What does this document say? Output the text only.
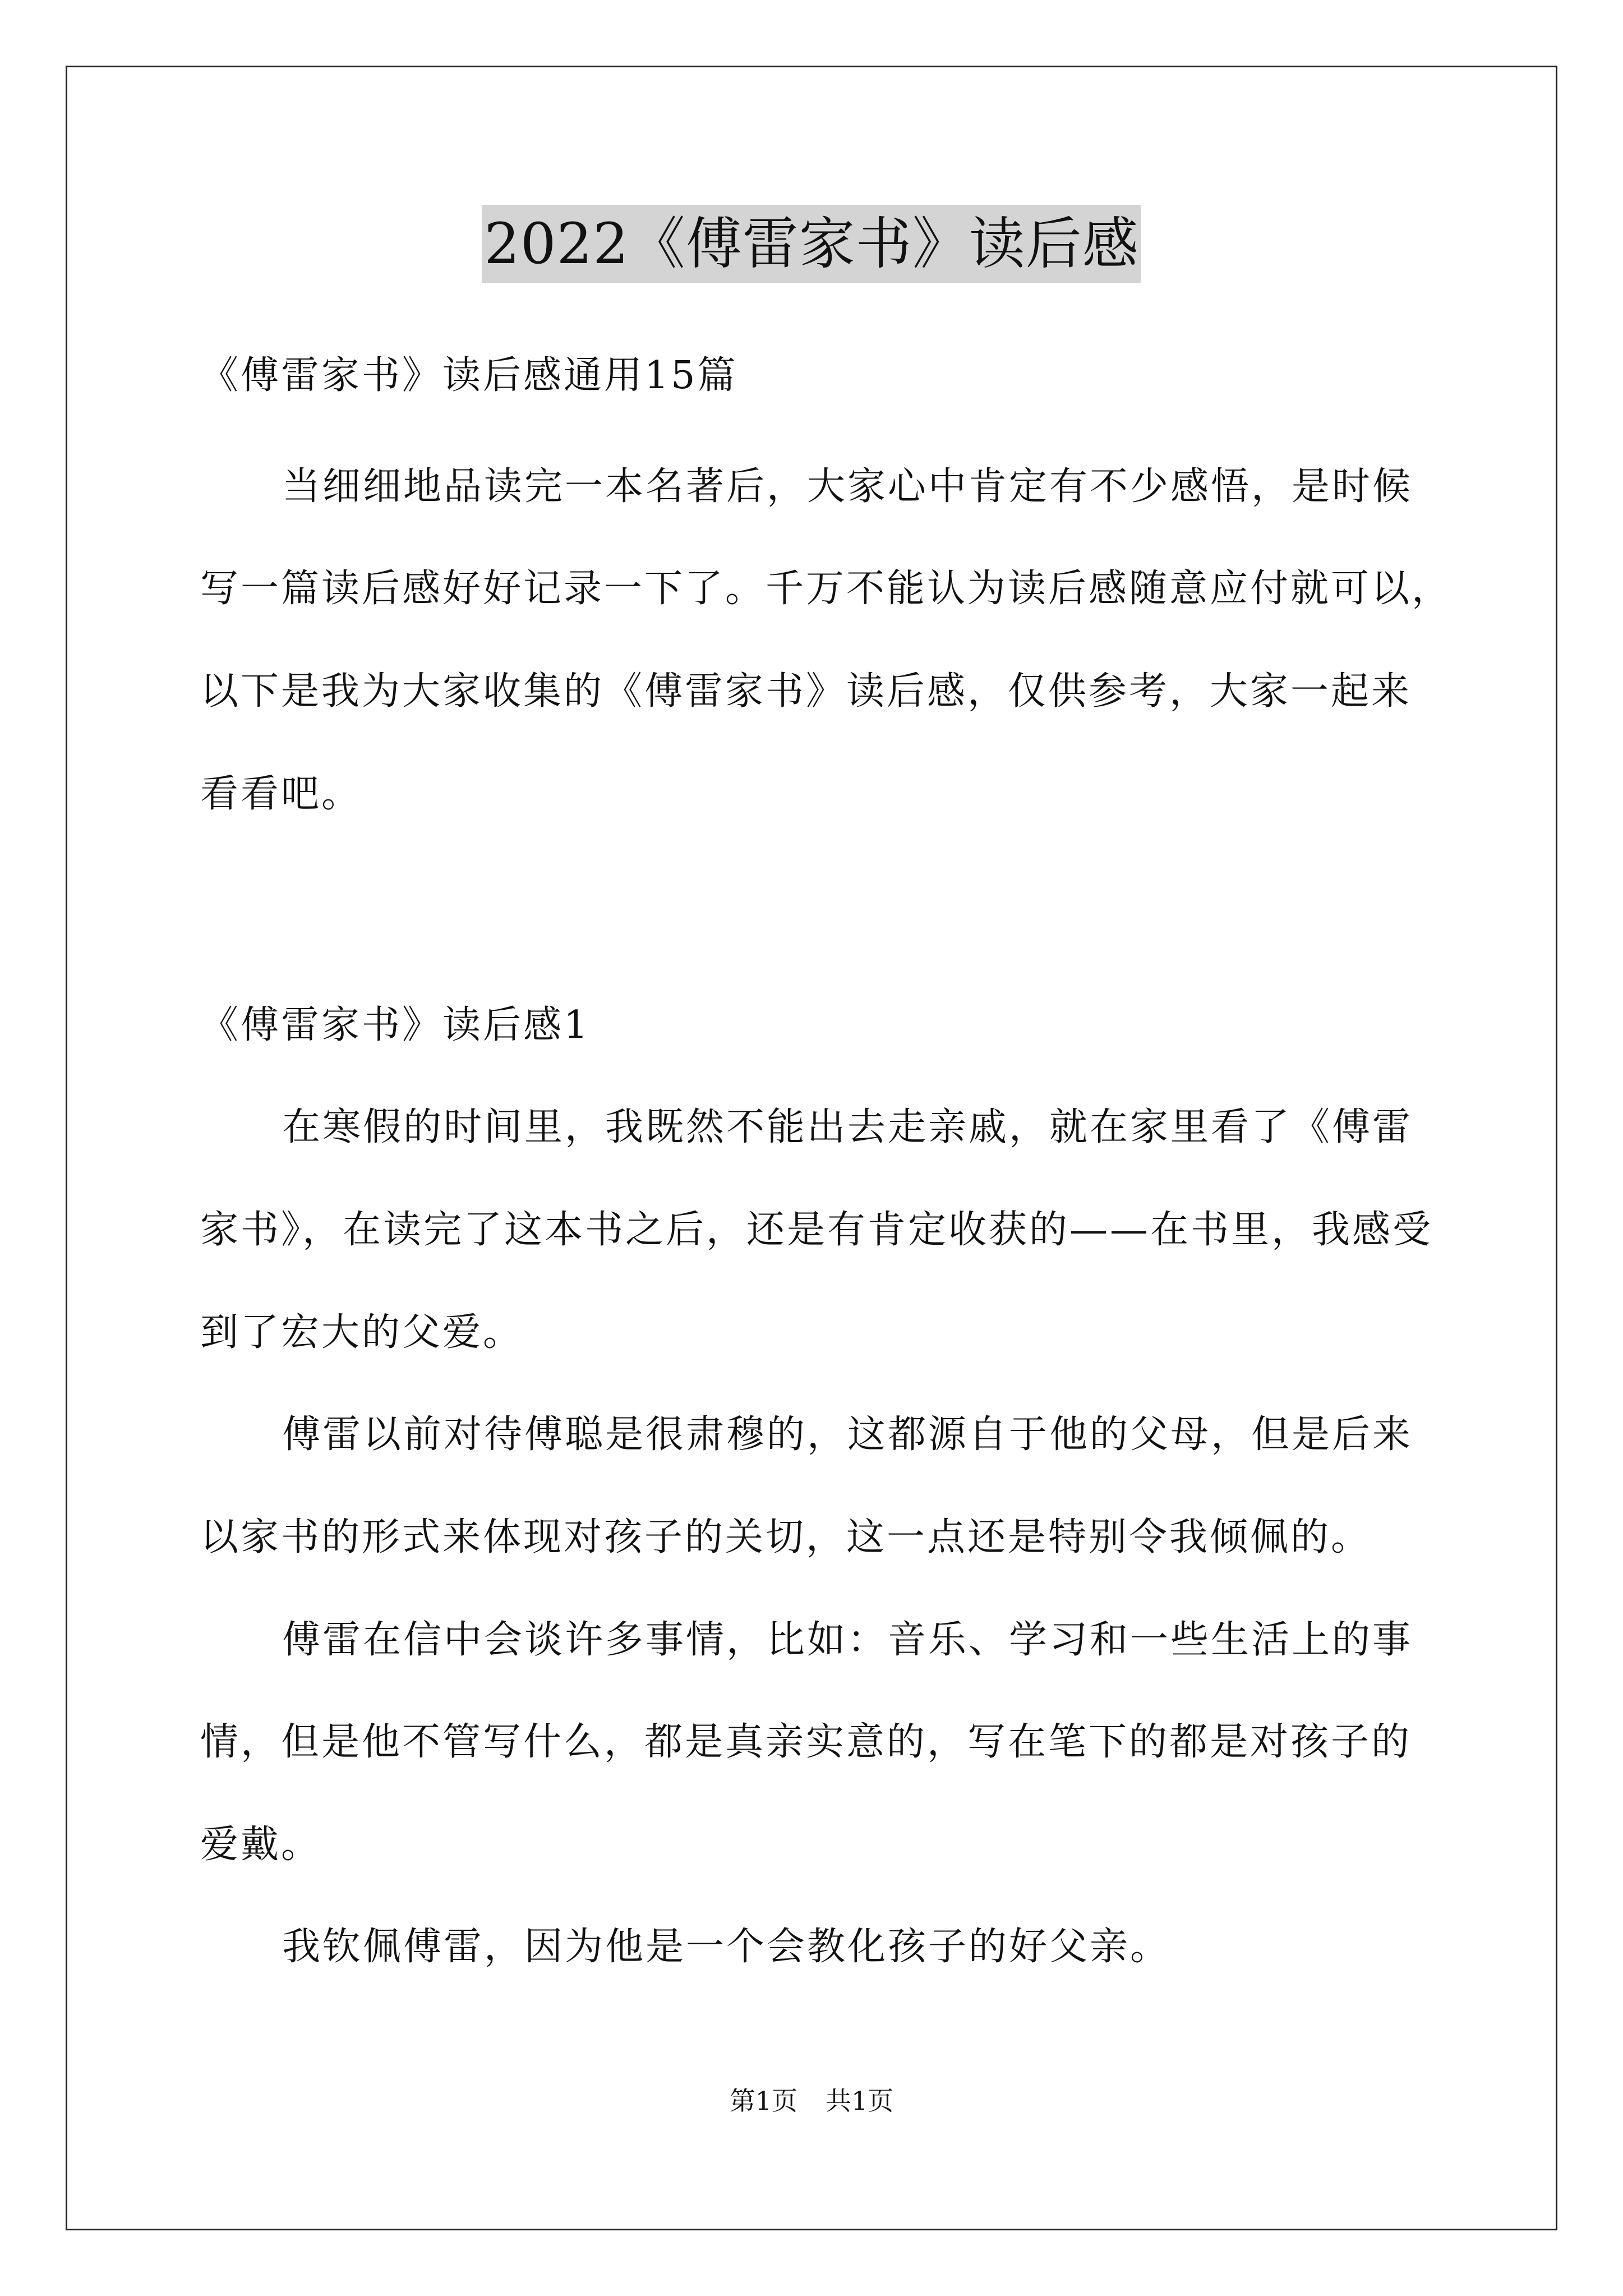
2022《傅雷家书》读后感
《傅雷家书》读后感通用15篇
当细细地品读完一本名著后，大家心中肯定有不少感悟，是时候
写一篇读后感好好记录一下了。千万不能认为读后感随意应付就可以，
以下是我为大家收集的《傅雷家书》读后感，仅供参考，大家一起来
看看吧。
《傅雷家书》读后感1
在寒假的时间里，我既然不能出去走亲戚，就在家里看了《傅雷
家书》，在读完了这本书之后，还是有肯定收获的——在书里，我感受
到了宏大的父爱。
傅雷以前对待傅聪是很肃穆的，这都源自于他的父母，但是后来
以家书的形式来体现对孩子的关切，这一点还是特别令我倾佩的。
傅雷在信中会谈许多事情，比如：音乐、学习和一些生活上的事
情，但是他不管写什么，都是真亲实意的，写在笔下的都是对孩子的
爱戴。
我钦佩傅雷，因为他是一个会教化孩子的好父亲。
第1页 共1页
